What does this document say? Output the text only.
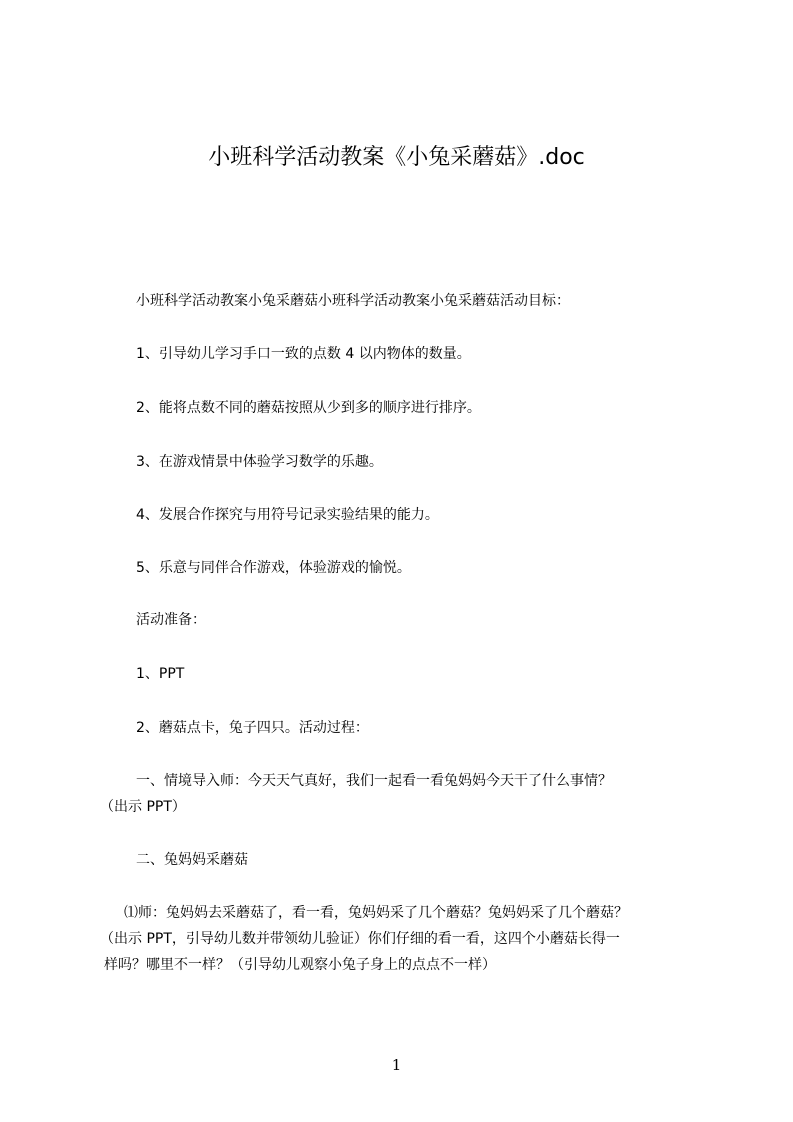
小班科学活动教案《小兔采蘑菇》.doc
小班科学活动教案小兔采蘑菇小班科学活动教案小兔采蘑菇活动目标：
1、引导幼儿学习手口一致的点数 4 以内物体的数量。
2、能将点数不同的蘑菇按照从少到多的顺序进行排序。
3、在游戏情景中体验学习数学的乐趣。
4、发展合作探究与用符号记录实验结果的能力。
5、乐意与同伴合作游戏，体验游戏的愉悦。
活动准备：
1、PPT
2、蘑菇点卡，兔子四只。活动过程：
一、情境导入师：今天天气真好，我们一起看一看兔妈妈今天干了什么事情？
（出示 PPT）
二、兔妈妈采蘑菇
⑴师：兔妈妈去采蘑菇了，看一看，兔妈妈采了几个蘑菇？兔妈妈采了几个蘑菇？
（出示 PPT，引导幼儿数并带领幼儿验证）你们仔细的看一看，这四个小蘑菇长得一
样吗？哪里不一样？（引导幼儿观察小兔子身上的点点不一样）
1
